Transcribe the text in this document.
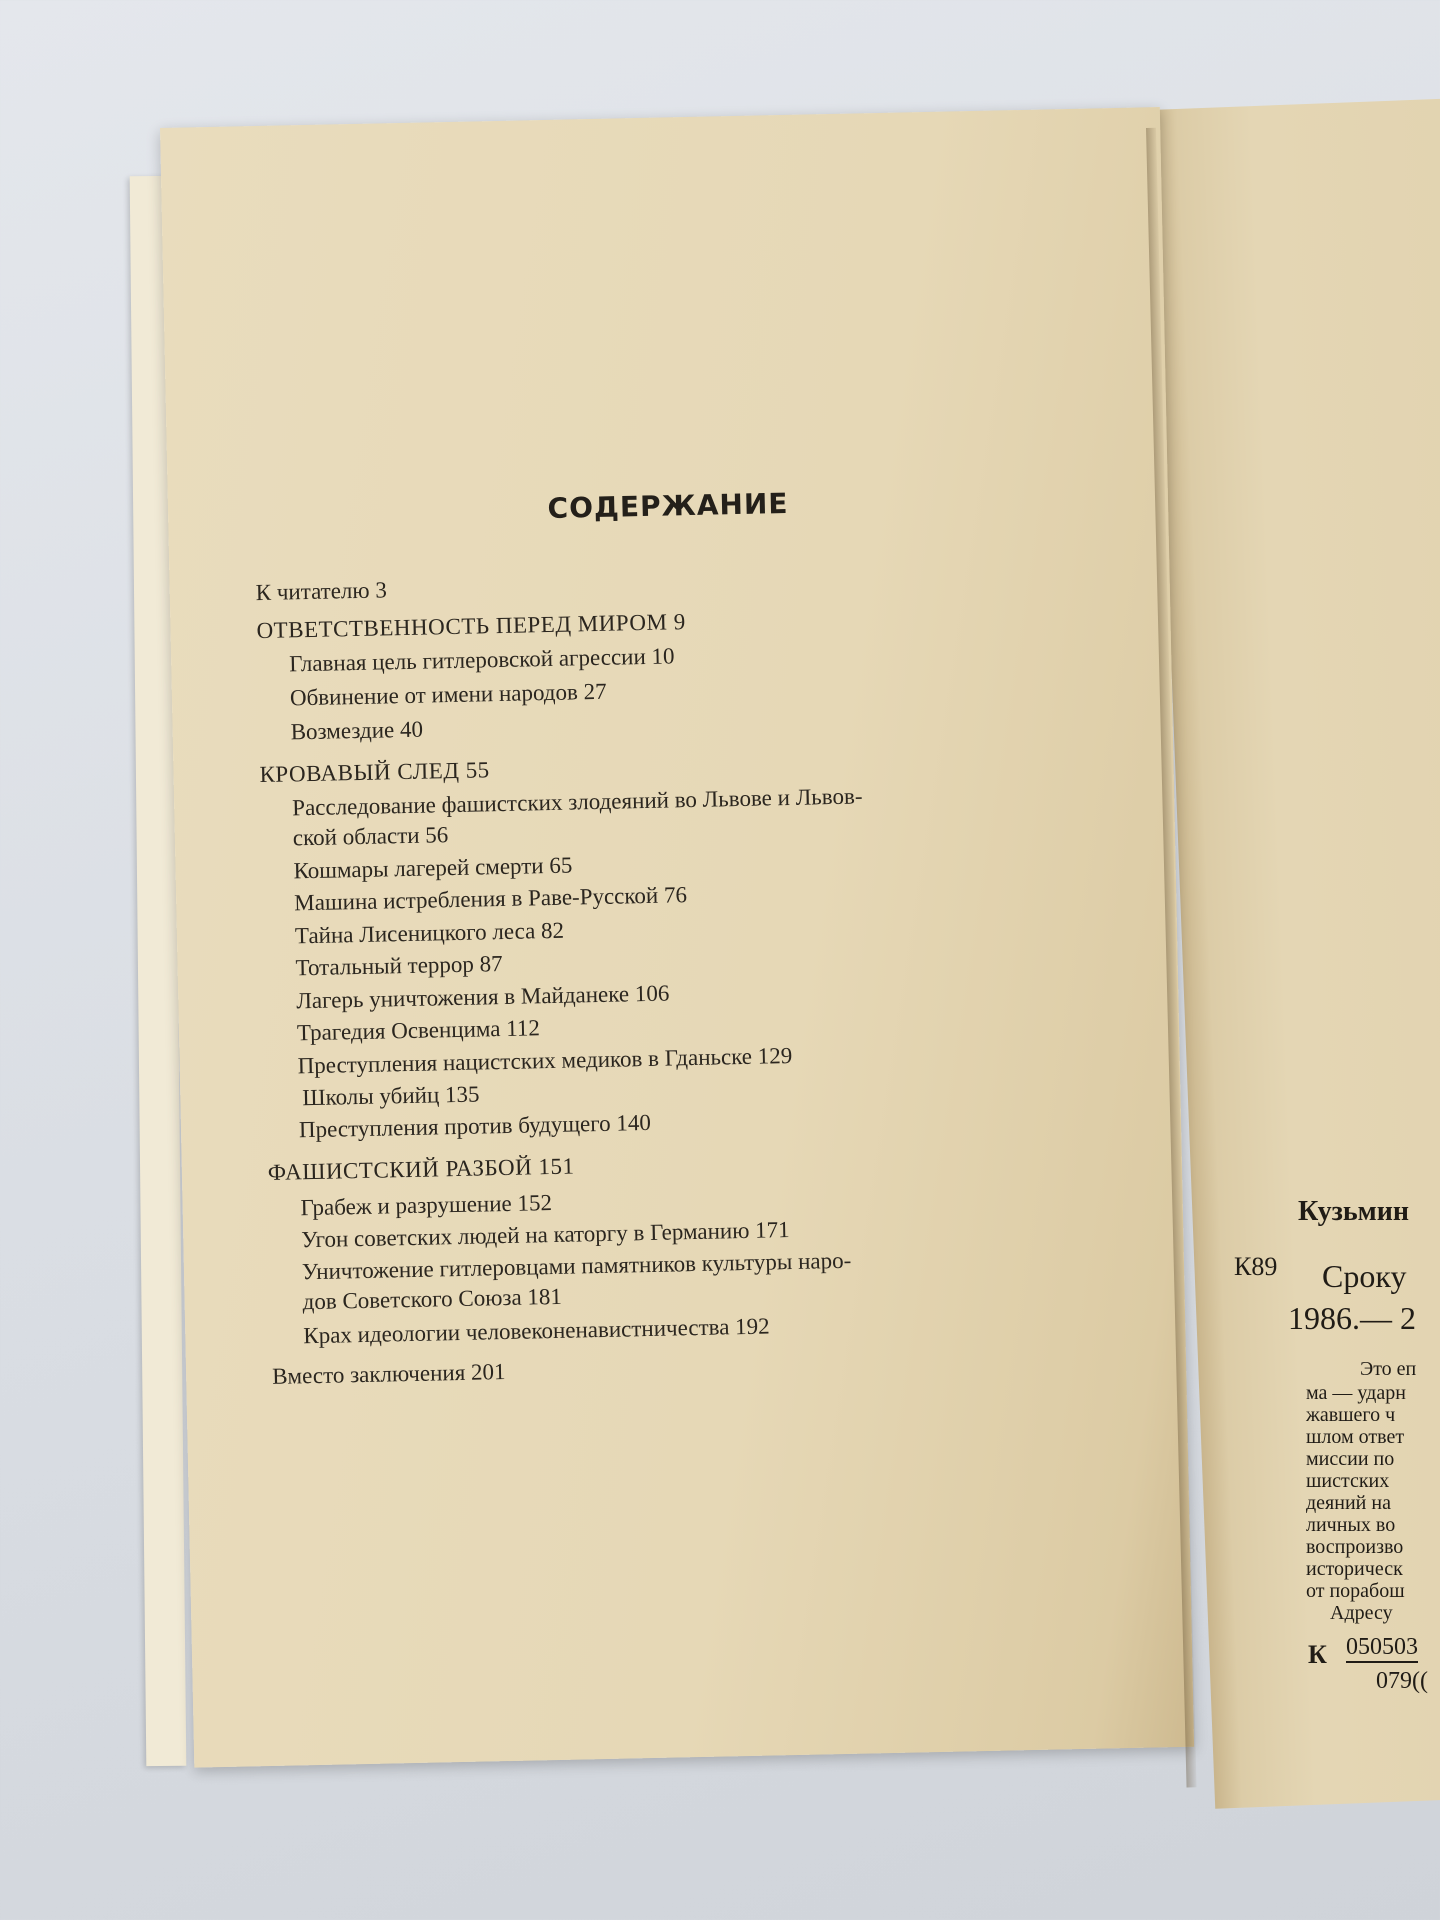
СОДЕРЖАНИЕ
К читателю 3
ОТВЕТСТВЕННОСТЬ ПЕРЕД МИРОМ 9
Главная цель гитлеровской агрессии 10
Обвинение от имени народов 27
Возмездие 40
КРОВАВЫЙ СЛЕД 55
Расследование фашистских злодеяний во Львове и Львов-
ской области 56
Кошмары лагерей смерти 65
Машина истребления в Раве-Русской 76
Тайна Лисеницкого леса 82
Тотальный террор 87
Лагерь уничтожения в Майданеке 106
Трагедия Освенцима 112
Преступления нацистских медиков в Гданьске 129
Школы убийц 135
Преступления против будущего 140
ФАШИСТСКИЙ РАЗБОЙ 151
Грабеж и разрушение 152
Угон советских людей на каторгу в Германию 171
Уничтожение гитлеровцами памятников культуры наро-
дов Советского Союза 181
Крах идеологии человеконенавистничества 192
Вместо заключения 201
Кузьмин
К89 Сроку
1986.— 2
Это еп
ма — ударн
жавшего ч
шлом ответ
миссии по
шистских
деяний на
личных во
воспроизво
историческ
от порабош
Адресу
К 050503
079((
